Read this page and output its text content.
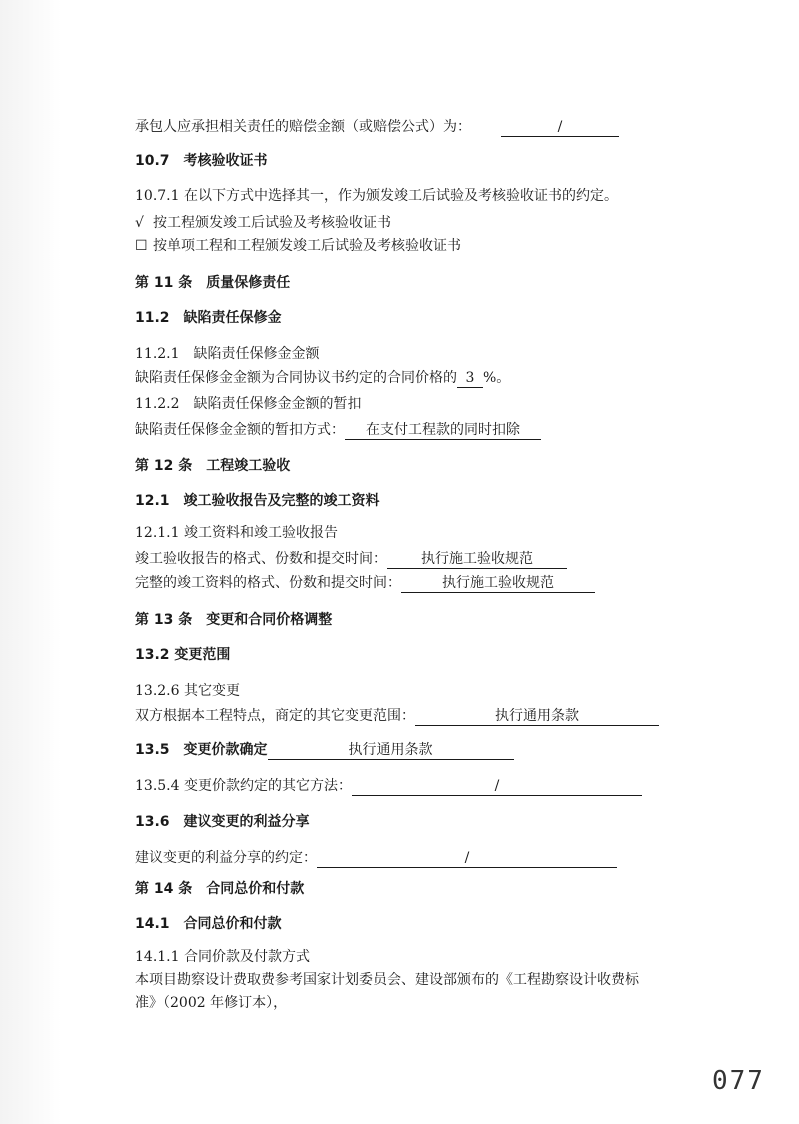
承包人应承担相关责任的赔偿金额（或赔偿公式）为：	/
10.7　考核验收证书
10.7.1 在以下方式中选择其一，作为颁发竣工后试验及考核验收证书的约定。
√ 按工程颁发竣工后试验及考核验收证书
☐ 按单项工程和工程颁发竣工后试验及考核验收证书
第 11 条　质量保修责任
11.2　缺陷责任保修金
11.2.1　缺陷责任保修金金额
缺陷责任保修金金额为合同协议书约定的合同价格的 3 %。
11.2.2　缺陷责任保修金金额的暂扣
缺陷责任保修金金额的暂扣方式： 在支付工程款的同时扣除
第 12 条　工程竣工验收
12.1　竣工验收报告及完整的竣工资料
12.1.1 竣工资料和竣工验收报告
竣工验收报告的格式、份数和提交时间： 执行施工验收规范
完整的竣工资料的格式、份数和提交时间：	执行施工验收规范
第 13 条　变更和合同价格调整
13.2 变更范围
13.2.6 其它变更
双方根据本工程特点，商定的其它变更范围：	执行通用条款
13.5　变更价款确定	执行通用条款
13.5.4 变更价款约定的其它方法：	/
13.6　建议变更的利益分享
建议变更的利益分享的约定：	/
第 14 条　合同总价和付款
14.1　合同总价和付款
14.1.1 合同价款及付款方式
本项目勘察设计费取费参考国家计划委员会、建设部颁布的《工程勘察设计收费标
准》（2002 年修订本），
077
